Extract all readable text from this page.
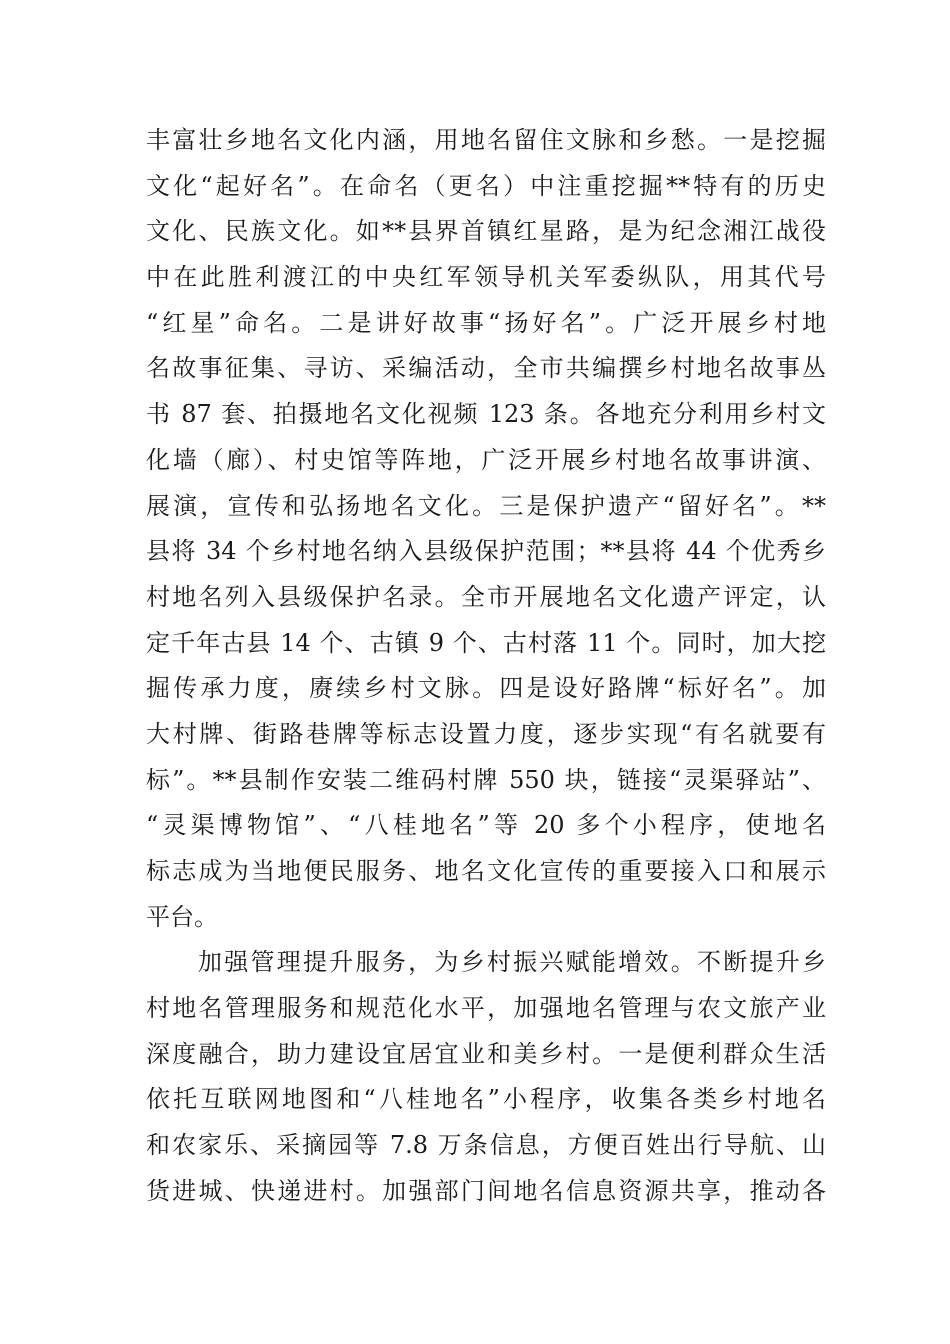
丰富壮乡地名文化内涵，用地名留住文脉和乡愁。一是挖掘
文化“起好名”。在命名（更名）中注重挖掘**特有的历史
文化、民族文化。如**县界首镇红星路，是为纪念湘江战役
中在此胜利渡江的中央红军领导机关军委纵队，用其代号
“红星”命名。二是讲好故事“扬好名”。广泛开展乡村地
名故事征集、寻访、采编活动，全市共编撰乡村地名故事丛
书 87 套、拍摄地名文化视频 123 条。各地充分利用乡村文
化墙（廊）、村史馆等阵地，广泛开展乡村地名故事讲演、
展演，宣传和弘扬地名文化。三是保护遗产“留好名”。**
县将 34 个乡村地名纳入县级保护范围；**县将 44 个优秀乡
村地名列入县级保护名录。全市开展地名文化遗产评定，认
定千年古县 14 个、古镇 9 个、古村落 11 个。同时，加大挖
掘传承力度，赓续乡村文脉。四是设好路牌“标好名”。加
大村牌、街路巷牌等标志设置力度，逐步实现“有名就要有
标”。**县制作安装二维码村牌 550 块，链接“灵渠驿站”、
“灵渠博物馆”、“八桂地名”等 20 多个小程序，使地名
标志成为当地便民服务、地名文化宣传的重要接入口和展示
平台。
加强管理提升服务，为乡村振兴赋能增效。不断提升乡
村地名管理服务和规范化水平，加强地名管理与农文旅产业
深度融合，助力建设宜居宜业和美乡村。一是便利群众生活
依托互联网地图和“八桂地名”小程序，收集各类乡村地名
和农家乐、采摘园等 7.8 万条信息，方便百姓出行导航、山
货进城、快递进村。加强部门间地名信息资源共享，推动各
